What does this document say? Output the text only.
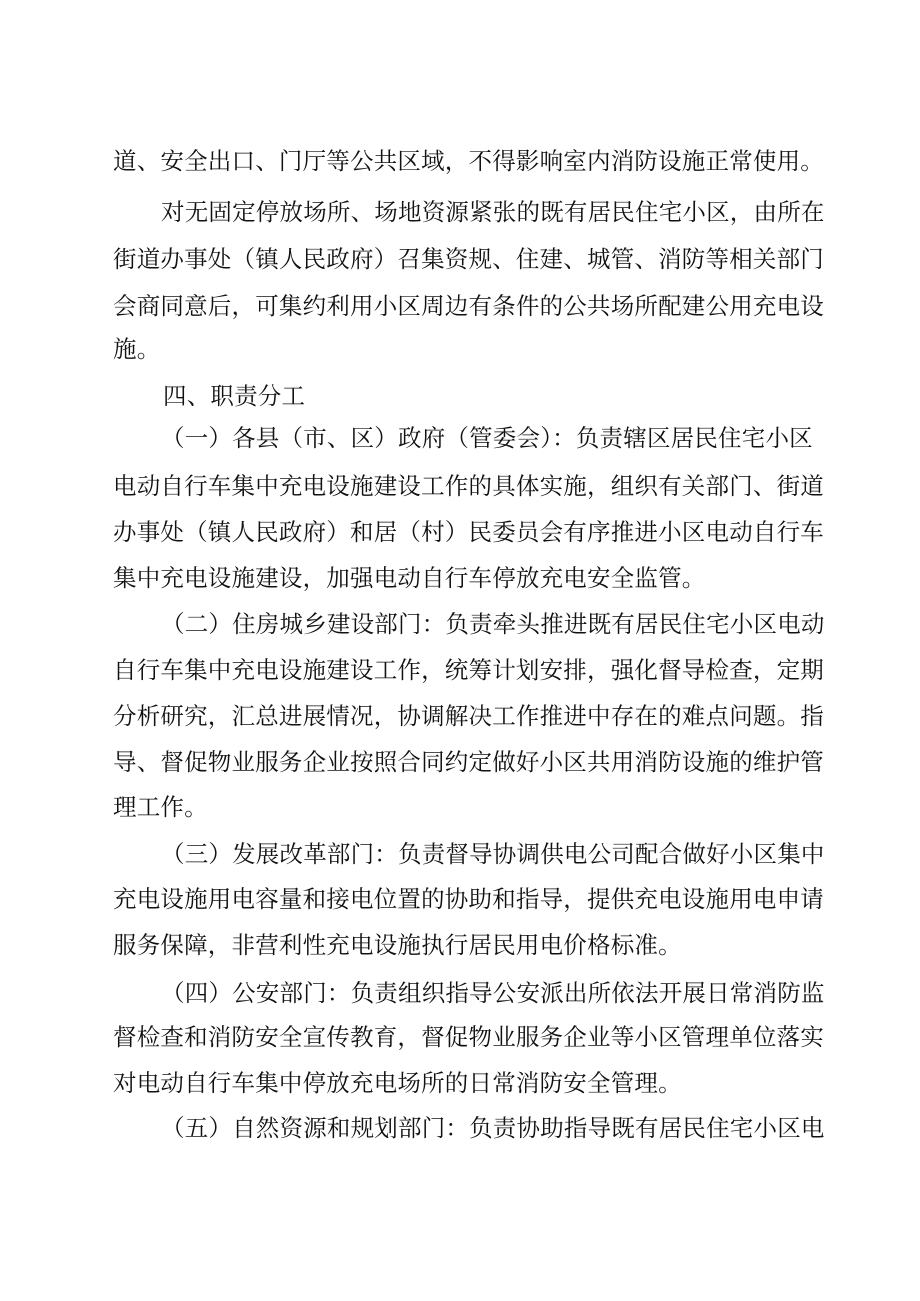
道、安全出口、门厅等公共区域，不得影响室内消防设施正常使用。
对无固定停放场所、场地资源紧张的既有居民住宅小区，由所在
街道办事处（镇人民政府）召集资规、住建、城管、消防等相关部门
会商同意后，可集约利用小区周边有条件的公共场所配建公用充电设
施。
四、职责分工
（一）各县（市、区）政府（管委会）：负责辖区居民住宅小区
电动自行车集中充电设施建设工作的具体实施，组织有关部门、街道
办事处（镇人民政府）和居（村）民委员会有序推进小区电动自行车
集中充电设施建设，加强电动自行车停放充电安全监管。
（二）住房城乡建设部门：负责牵头推进既有居民住宅小区电动
自行车集中充电设施建设工作，统筹计划安排，强化督导检查，定期
分析研究，汇总进展情况，协调解决工作推进中存在的难点问题。指
导、督促物业服务企业按照合同约定做好小区共用消防设施的维护管
理工作。
（三）发展改革部门：负责督导协调供电公司配合做好小区集中
充电设施用电容量和接电位置的协助和指导，提供充电设施用电申请
服务保障，非营利性充电设施执行居民用电价格标准。
（四）公安部门：负责组织指导公安派出所依法开展日常消防监
督检查和消防安全宣传教育，督促物业服务企业等小区管理单位落实
对电动自行车集中停放充电场所的日常消防安全管理。
（五）自然资源和规划部门：负责协助指导既有居民住宅小区电
